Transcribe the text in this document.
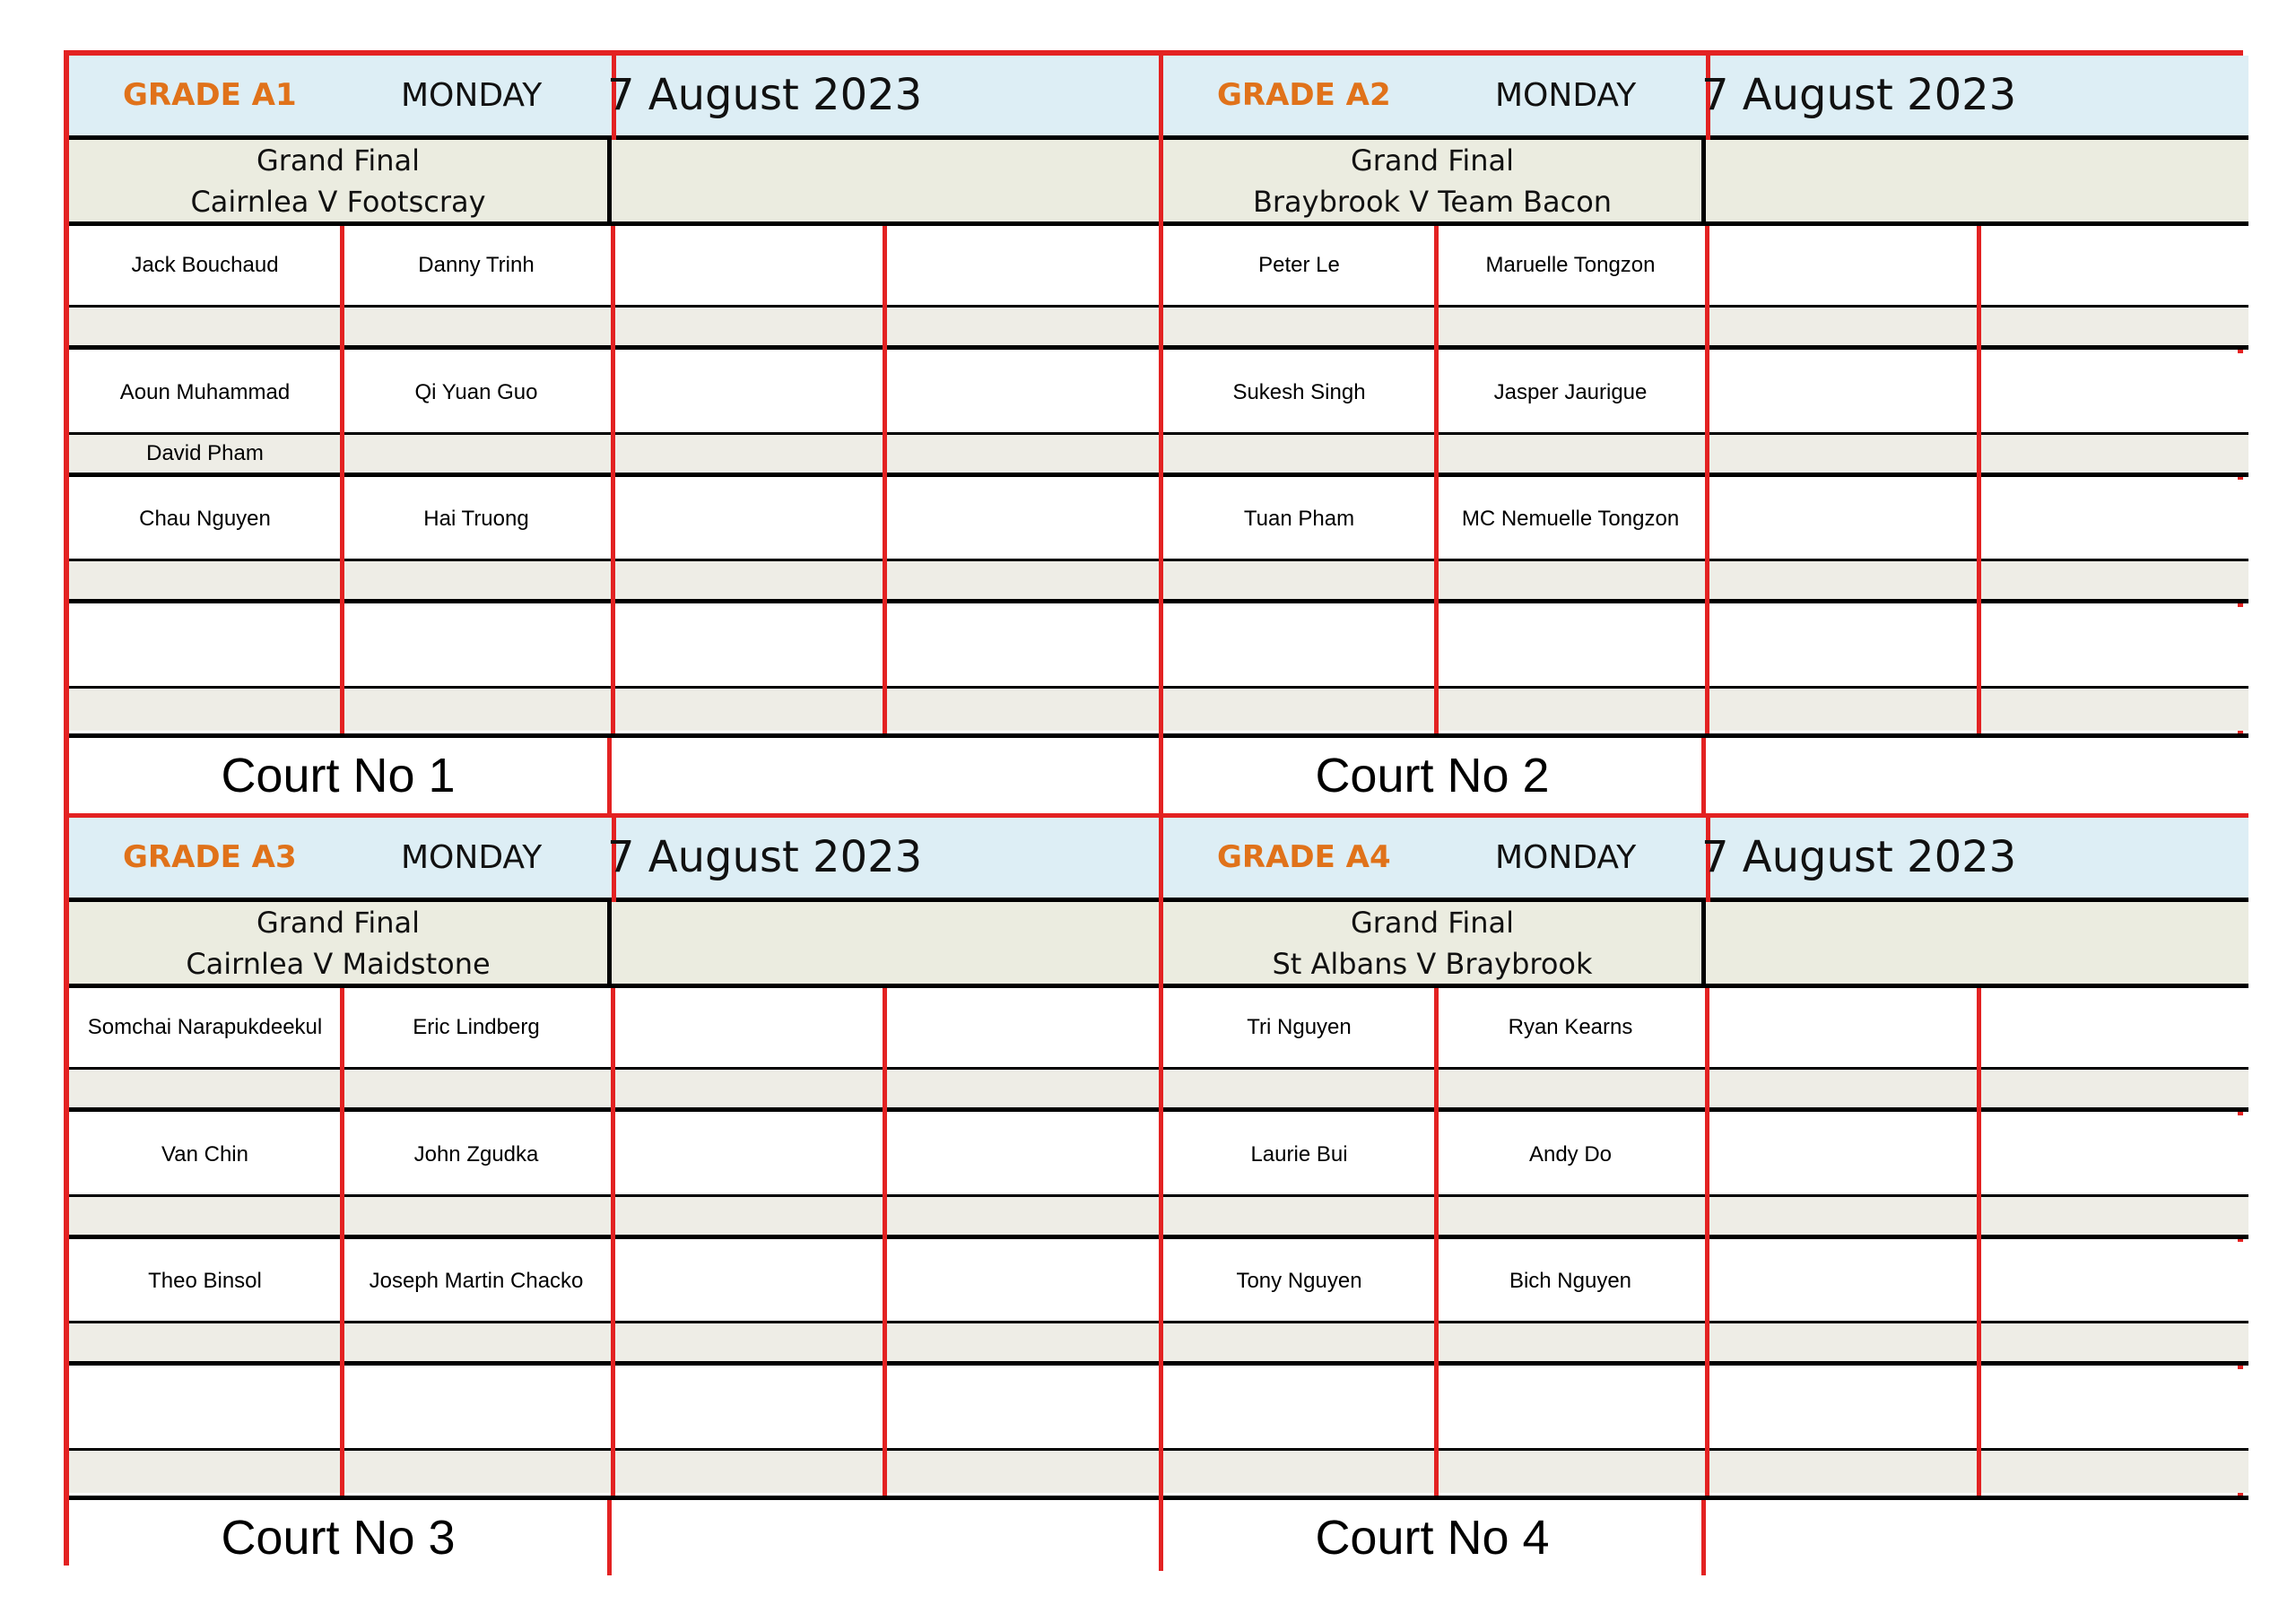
GRADE A1	MONDAY 7 August 2023
Grand Final
Cairnlea V Footscray
Jack Bouchaud	Danny Trinh
Aoun Muhammad	Qi Yuan Guo
David Pham
Chau Nguyen	Hai Truong
Court No 1
GRADE A2	MONDAY 7 August 2023
Grand Final
Braybrook V Team Bacon
Peter Le	Maruelle Tongzon
Sukesh Singh	Jasper Jaurigue
Tuan Pham	MC Nemuelle Tongzon
Court No 2
GRADE A3	MONDAY 7 August 2023
Grand Final
Cairnlea V Maidstone
Somchai Narapukdeekul	Eric Lindberg
Van Chin	John Zgudka
Theo Binsol	Joseph Martin Chacko
Court No 3
GRADE A4	MONDAY 7 August 2023
Grand Final
St Albans V Braybrook
Tri Nguyen	Ryan Kearns
Laurie Bui	Andy Do
Tony Nguyen	Bich Nguyen
Court No 4
